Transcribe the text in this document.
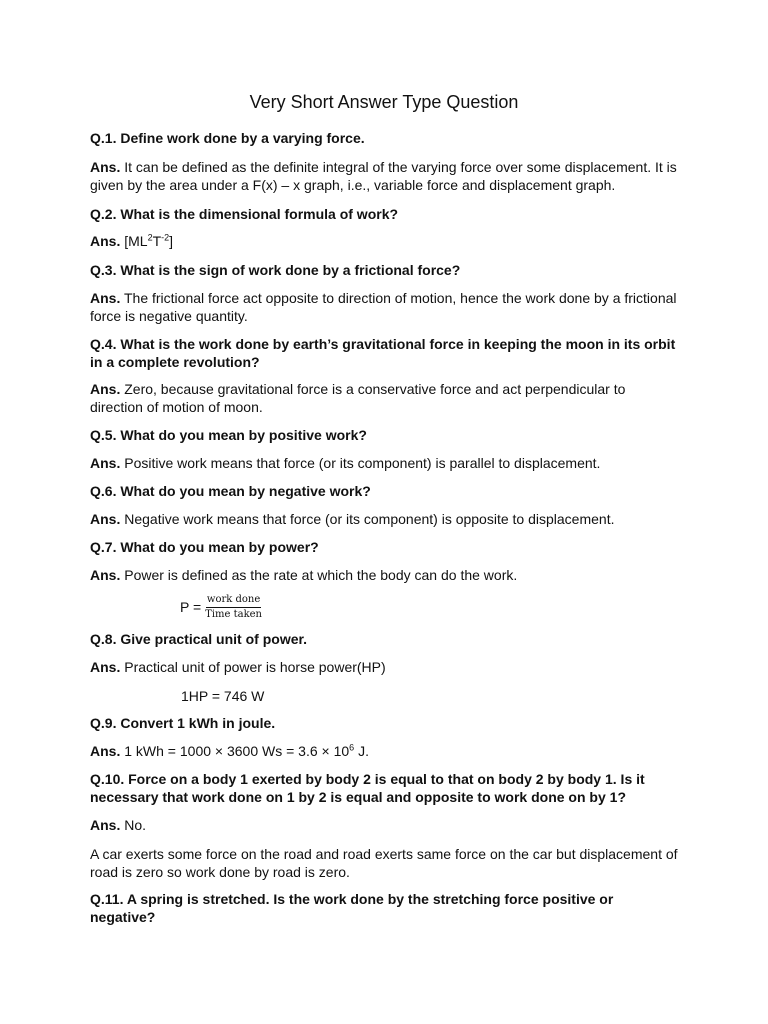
Very Short Answer Type Question
Q.1. Define work done by a varying force.
Ans. It can be defined as the definite integral of the varying force over some displacement. It is given by the area under a F(x) – x graph, i.e., variable force and displacement graph.
Q.2. What is the dimensional formula of work?
Ans. $[ML^2T^{-2}]$
Q.3. What is the sign of work done by a frictional force?
Ans. The frictional force act opposite to direction of motion, hence the work done by a frictional force is negative quantity.
Q.4. What is the work done by earth’s gravitational force in keeping the moon in its orbit in a complete revolution?
Ans. Zero, because gravitational force is a conservative force and act perpendicular to direction of motion of moon.
Q.5. What do you mean by positive work?
Ans. Positive work means that force (or its component) is parallel to displacement.
Q.6. What do you mean by negative work?
Ans. Negative work means that force (or its component) is opposite to displacement.
Q.7. What do you mean by power?
Ans. Power is defined as the rate at which the body can do the work.
$P = \frac{\text{work done}}{\text{Time taken}}$
Q.8. Give practical unit of power.
Ans. Practical unit of power is horse power(HP)
1HP = 746 W
Q.9. Convert 1 kWh in joule.
Ans. 1 kWh = 1000 × 3600 $Ws = 3.6 \times 10^6$ J.
Q.10. Force on a body 1 exerted by body 2 is equal to that on body 2 by body 1. Is it necessary that work done on 1 by 2 is equal and opposite to work done on by 1?
Ans. No.
A car exerts some force on the road and road exerts same force on the car but displacement of road is zero so work done by road is zero.
Q.11. A spring is stretched. Is the work done by the stretching force positive or negative?
